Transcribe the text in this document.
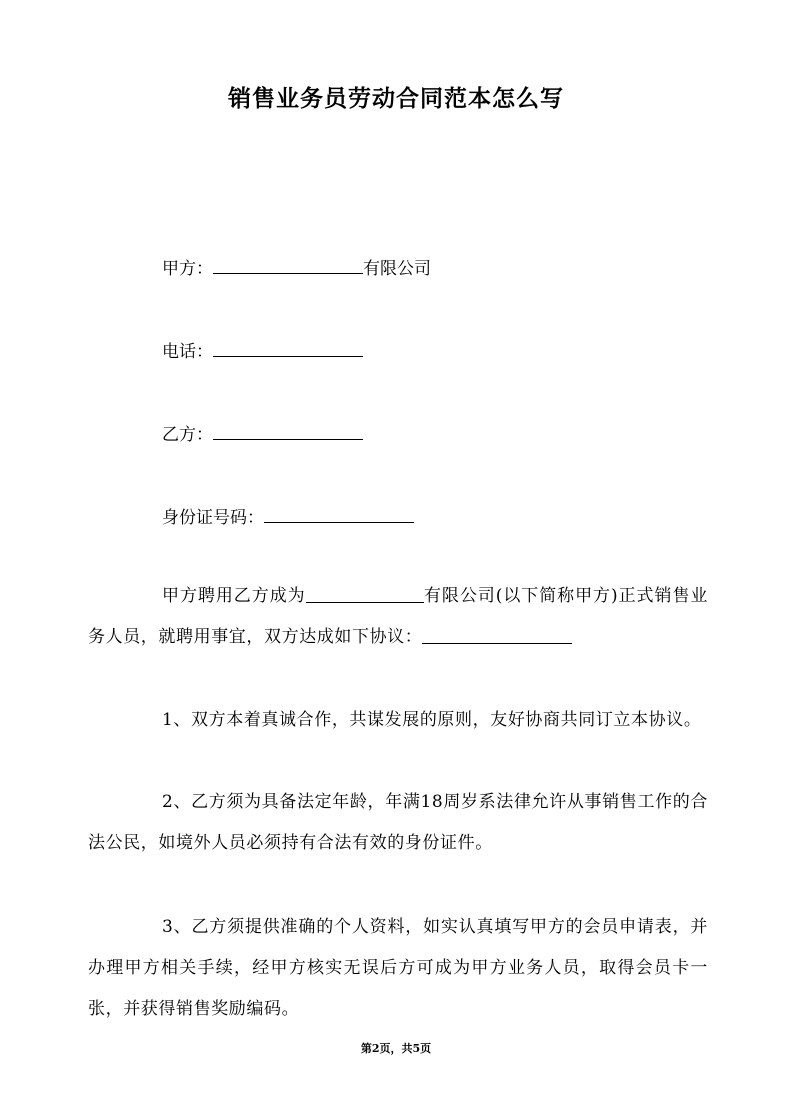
销售业务员劳动合同范本怎么写
甲方：	有限公司
电话：
乙方：
身份证号码：
甲方聘用乙方成为	有限公司(以下简称甲方)正式销售业务人员，就聘用事宜，双方达成如下协议：
1、双方本着真诚合作，共谋发展的原则，友好协商共同订立本协议。
2、乙方须为具备法定年龄，年满18周岁系法律允许从事销售工作的合法公民，如境外人员必须持有合法有效的身份证件。
3、乙方须提供准确的个人资料，如实认真填写甲方的会员申请表，并办理甲方相关手续，经甲方核实无误后方可成为甲方业务人员，取得会员卡一张，并获得销售奖励编码。
第2页，共5页
